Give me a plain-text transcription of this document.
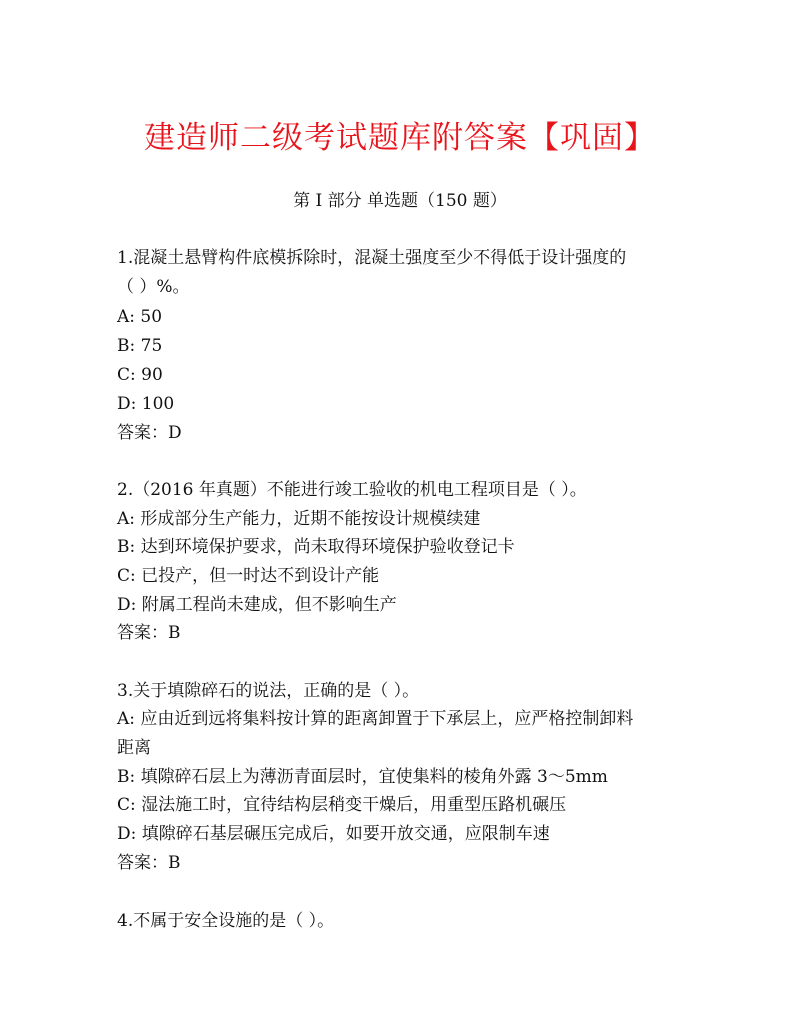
建造师二级考试题库附答案【巩固】
第 I 部分 单选题（150 题）
1.混凝土悬臂构件底模拆除时，混凝土强度至少不得低于设计强度的
（ ）%。
A: 50
B: 75
C: 90
D: 100
答案：D
2.（2016 年真题）不能进行竣工验收的机电工程项目是（ ）。
A: 形成部分生产能力，近期不能按设计规模续建
B: 达到环境保护要求，尚未取得环境保护验收登记卡
C: 已投产，但一时达不到设计产能
D: 附属工程尚未建成，但不影响生产
答案：B
3.关于填隙碎石的说法，正确的是（ ）。
A: 应由近到远将集料按计算的距离卸置于下承层上，应严格控制卸料
距离
B: 填隙碎石层上为薄沥青面层时，宜使集料的棱角外露 3～5mm
C: 湿法施工时，宜待结构层稍变干燥后，用重型压路机碾压
D: 填隙碎石基层碾压完成后，如要开放交通，应限制车速
答案：B
4.不属于安全设施的是（ ）。
